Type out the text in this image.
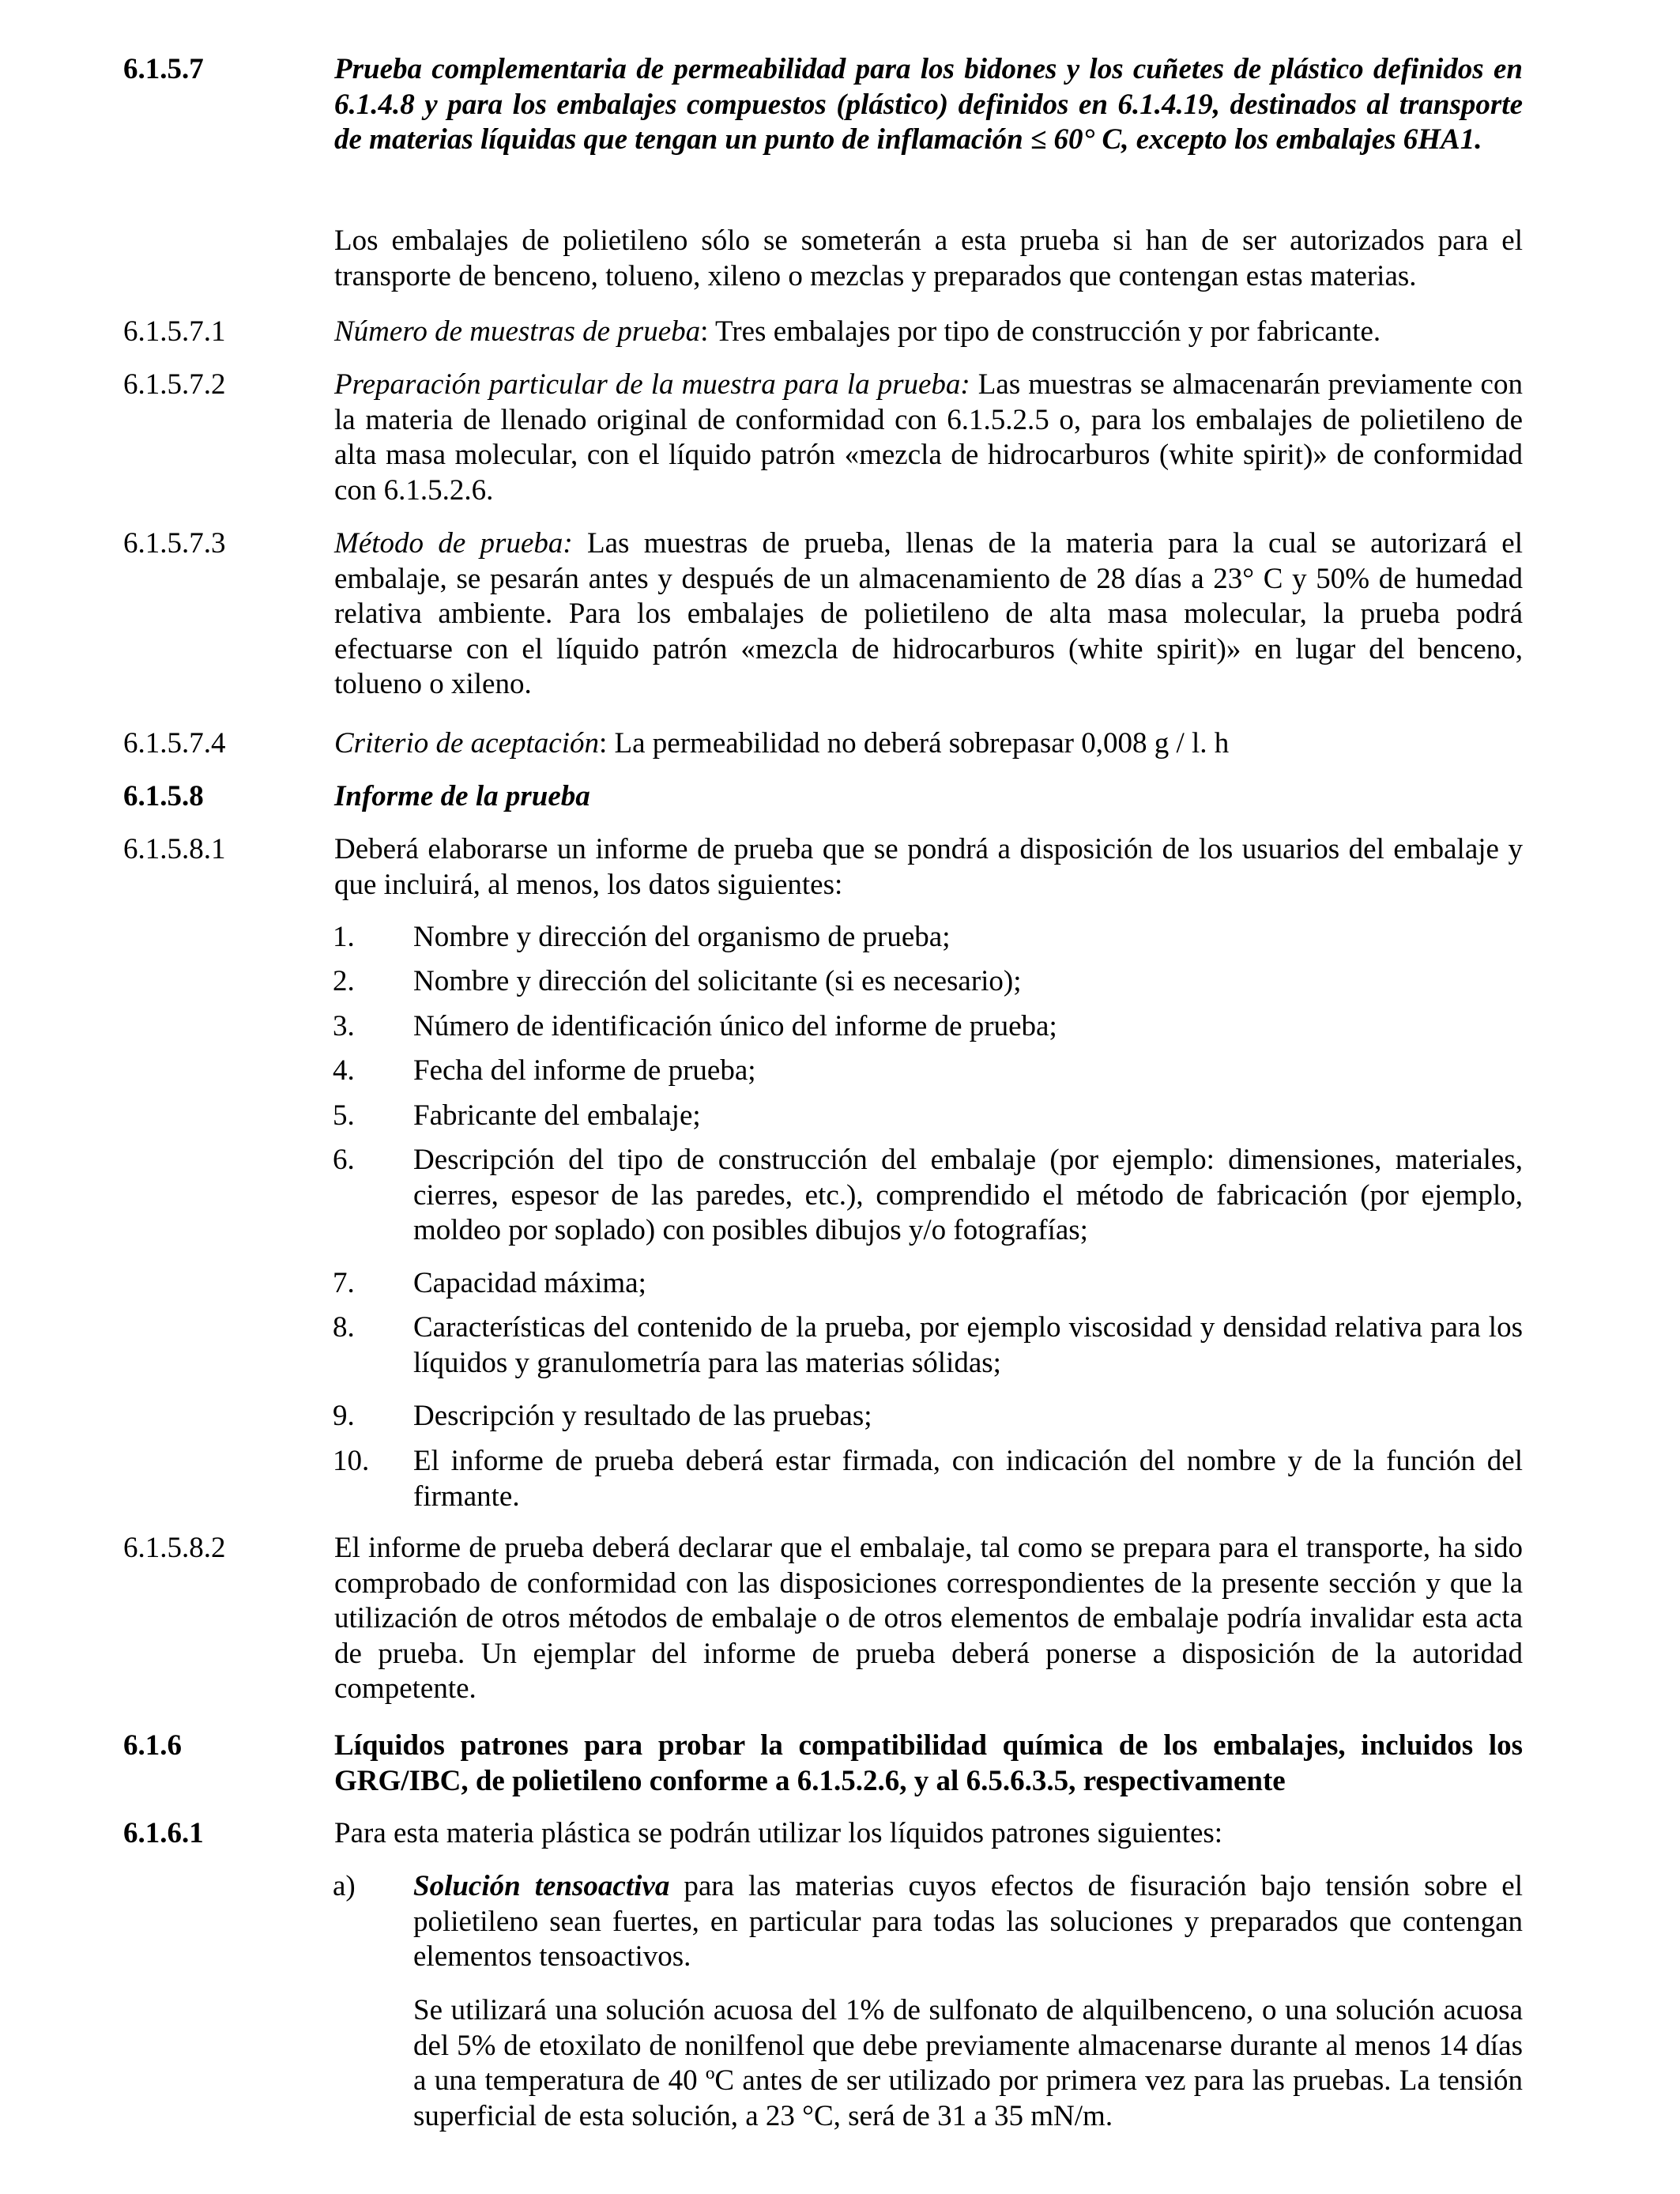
6.1.5.7	Prueba complementaria de permeabilidad para los bidones y los cuñetes de plástico definidos en 6.1.4.8 y para los embalajes compuestos (plástico) definidos en 6.1.4.19, destinados al transporte de materias líquidas que tengan un punto de inflamación ≤ 60° C, excepto los embalajes 6HA1.
Los embalajes de polietileno sólo se someterán a esta prueba si han de ser autorizados para el transporte de benceno, tolueno, xileno o mezclas y preparados que contengan estas materias.
6.1.5.7.1	Número de muestras de prueba: Tres embalajes por tipo de construcción y por fabricante.
6.1.5.7.2	Preparación particular de la muestra para la prueba: Las muestras se almacenarán previamente con la materia de llenado original de conformidad con 6.1.5.2.5 o, para los embalajes de polietileno de alta masa molecular, con el líquido patrón «mezcla de hidrocarburos (white spirit)» de conformidad con 6.1.5.2.6.
6.1.5.7.3	Método de prueba: Las muestras de prueba, llenas de la materia para la cual se autorizará el embalaje, se pesarán antes y después de un almacenamiento de 28 días a 23° C y 50% de humedad relativa ambiente. Para los embalajes de polietileno de alta masa molecular, la prueba podrá efectuarse con el líquido patrón «mezcla de hidrocarburos (white spirit)» en lugar del benceno, tolueno o xileno.
6.1.5.7.4	Criterio de aceptación: La permeabilidad no deberá sobrepasar 0,008 g / l. h
6.1.5.8	Informe de la prueba
6.1.5.8.1	Deberá elaborarse un informe de prueba que se pondrá a disposición de los usuarios del embalaje y que incluirá, al menos, los datos siguientes:
1. Nombre y dirección del organismo de prueba;
2. Nombre y dirección del solicitante (si es necesario);
3. Número de identificación único del informe de prueba;
4. Fecha del informe de prueba;
5. Fabricante del embalaje;
6. Descripción del tipo de construcción del embalaje (por ejemplo: dimensiones, materiales, cierres, espesor de las paredes, etc.), comprendido el método de fabricación (por ejemplo, moldeo por soplado) con posibles dibujos y/o fotografías;
7. Capacidad máxima;
8. Características del contenido de la prueba, por ejemplo viscosidad y densidad relativa para los líquidos y granulometría para las materias sólidas;
9. Descripción y resultado de las pruebas;
10. El informe de prueba deberá estar firmada, con indicación del nombre y de la función del firmante.
6.1.5.8.2	El informe de prueba deberá declarar que el embalaje, tal como se prepara para el transporte, ha sido comprobado de conformidad con las disposiciones correspondientes de la presente sección y que la utilización de otros métodos de embalaje o de otros elementos de embalaje podría invalidar esta acta de prueba. Un ejemplar del informe de prueba deberá ponerse a disposición de la autoridad competente.
6.1.6	Líquidos patrones para probar la compatibilidad química de los embalajes, incluidos los GRG/IBC, de polietileno conforme a 6.1.5.2.6, y al 6.5.6.3.5, respectivamente
6.1.6.1	Para esta materia plástica se podrán utilizar los líquidos patrones siguientes:
a) Solución tensoactiva para las materias cuyos efectos de fisuración bajo tensión sobre el polietileno sean fuertes, en particular para todas las soluciones y preparados que contengan elementos tensoactivos.
Se utilizará una solución acuosa del 1% de sulfonato de alquilbenceno, o una solución acuosa del 5% de etoxilato de nonilfenol que debe previamente almacenarse durante al menos 14 días a una temperatura de 40 ºC antes de ser utilizado por primera vez para las pruebas. La tensión superficial de esta solución, a 23 °C, será de 31 a 35 mN/m.
